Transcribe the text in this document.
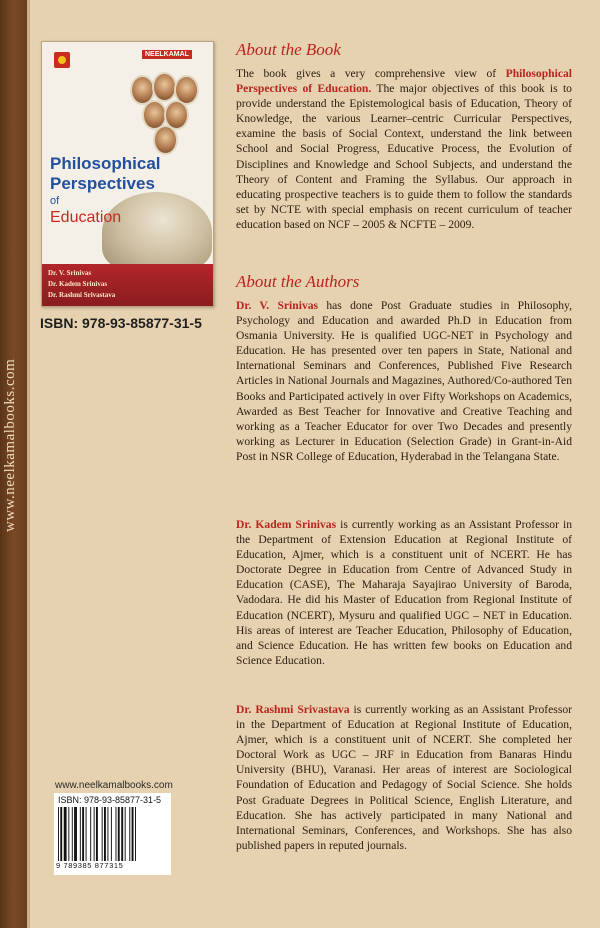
www.neelkamalbooks.com
NEELKAMAL
Philosophical
Perspectives
of
Education
Dr. V. Srinivas
Dr. Kadem Srinivas
Dr. Rashmi Srivastava
ISBN: 978-93-85877-31-5
www.neelkamalbooks.com
ISBN: 978-93-85877-31-5
9 789385 877315
About the Book
The book gives a very comprehensive view of Philosophical Perspectives of Education. The major objectives of this book is to provide understand the Epistemological basis of Education, Theory of Knowledge, the various Learner–centric Curricular Perspectives, examine the basis of Social Context, understand the link between School and Social Progress, Educative Process, the Evolution of Disciplines and Knowledge and School Subjects, and understand the Theory of Content and Framing the Syllabus. Our approach in educating prospective teachers is to guide them to follow the standards set by NCTE with special emphasis on recent curriculum of teacher education based on NCF – 2005 & NCFTE – 2009.
About the Authors
Dr. V. Srinivas has done Post Graduate studies in Philosophy, Psychology and Education and awarded Ph.D in Education from Osmania University. He is qualified UGC-NET in Psychology and Education. He has presented over ten papers in State, National and International Seminars and Conferences, Published Five Research Articles in National Journals and Magazines, Authored/Co-authored Ten Books and Participated actively in over Fifty Workshops on Academics, Awarded as Best Teacher for Innovative and Creative Teaching and working as a Teacher Educator for over Two Decades and presently working as Lecturer in Education (Selection Grade) in Grant-in-Aid Post in NSR College of Education, Hyderabad in the Telangana State.
Dr. Kadem Srinivas is currently working as an Assistant Professor in the Department of Extension Education at Regional Institute of Education, Ajmer, which is a constituent unit of NCERT. He has Doctorate Degree in Education from Centre of Advanced Study in Education (CASE), The Maharaja Sayajirao University of Baroda, Vadodara. He did his Master of Education from Regional Institute of Education (NCERT), Mysuru and qualified UGC – NET in Education. His areas of interest are Teacher Education, Philosophy of Education, and Science Education. He has written few books on Education and Science Education.
Dr. Rashmi Srivastava is currently working as an Assistant Professor in the Department of Education at Regional Institute of Education, Ajmer, which is a constituent unit of NCERT. She completed her Doctoral Work as UGC – JRF in Education from Banaras Hindu University (BHU), Varanasi. Her areas of interest are Sociological Foundation of Education and Pedagogy of Social Science. She holds Post Graduate Degrees in Political Science, English Literature, and Education. She has actively participated in many National and International Seminars, Conferences, and Workshops. She has also published papers in reputed journals.
